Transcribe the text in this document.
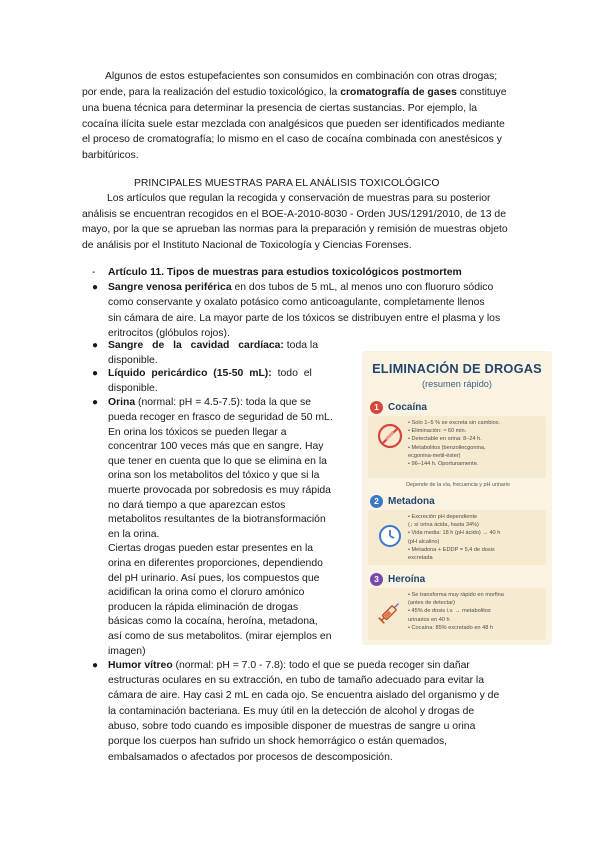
Algunos de estos estupefacientes son consumidos en combinación con otras drogas;
por ende, para la realización del estudio toxicológico, la cromatografía de gases constituye
una buena técnica para determinar la presencia de ciertas sustancias. Por ejemplo, la
cocaína ilícita suele estar mezclada con analgésicos que pueden ser identificados mediante
el proceso de cromatografía; lo mismo en el caso de cocaína combinada con anestésicos y
barbitúricos.
PRINCIPALES MUESTRAS PARA EL ANÁLISIS TOXICOLÓGICO
Los artículos que regulan la recogida y conservación de muestras para su posterior
análisis se encuentran recogidos en el BOE-A-2010-8030 - Orden JUS/1291/2010, de 13 de
mayo, por la que se aprueban las normas para la preparación y remisión de muestras objeto
de análisis por el Instituto Nacional de Toxicología y Ciencias Forenses.
- Artículo 11. Tipos de muestras para estudios toxicológicos postmortem
● Sangre venosa periférica en dos tubos de 5 mL, al menos uno con fluoruro sódico
como conservante y oxalato potásico como anticoagulante, completamente llenos
sin cámara de aire. La mayor parte de los tóxicos se distribuyen entre el plasma y los
eritrocitos (glóbulos rojos).
● Sangre de la cavidad cardíaca: toda la
disponible.
● Líquido pericárdico (15-50 mL): todo el
disponible.
● Orina (normal: pH = 4.5-7.5): toda la que se
pueda recoger en frasco de seguridad de 50 mL.
En orina los tóxicos se pueden llegar a
concentrar 100 veces más que en sangre. Hay
que tener en cuenta que lo que se elimina en la
orina son los metabolitos del tóxico y que si la
muerte provocada por sobredosis es muy rápida
no dará tiempo a que aparezcan estos
metabolitos resultantes de la biotransformación
en la orina.
Ciertas drogas pueden estar presentes en la
orina en diferentes proporciones, dependiendo
del pH urinario. Así pues, los compuestos que
acidifican la orina como el cloruro amónico
producen la rápida eliminación de drogas
básicas como la cocaína, heroína, metadona,
así como de sus metabolitos. (mirar ejemplos en
imagen)
● Humor vítreo (normal: pH = 7.0 - 7.8): todo el que se pueda recoger sin dañar
estructuras oculares en su extracción, en tubo de tamaño adecuado para evitar la
cámara de aire. Hay casi 2 mL en cada ojo. Se encuentra aislado del organismo y de
la contaminación bacteriana. Es muy útil en la detección de alcohol y drogas de
abuso, sobre todo cuando es imposible disponer de muestras de sangre u orina
porque los cuerpos han sufrido un shock hemorrágico o están quemados,
embalsamados o afectados por procesos de descomposición.
ELIMINACIÓN DE DROGAS
(resumen rápido)
1 Cocaína
• Solo 1–5 % se excreta sin cambios.
• Eliminación: ≈ 60 min.
• Detectable en orina: 8–24 h.
• Metabolitos (benzoilecgonina,
ecgonina-metil-éster)
• 96–144 h. Oportunamente.
Depende de la vía, frecuencia y pH urinario
2 Metadona
• Excreción pH dependiente
(↓ sí orina ácida, hasta 34%)
• Vida media: 18 h (pH ácido) → 40 h
(pH alcalino)
• Metadona + EDDP = 5,4 de dosis
excretada
3 Heroína
• Se transforma muy rápido en morfina
(antes de detectar)
• 45% de dosis i.v. → metabolitos
urinarios en 40 h
• Cocaína: 85% excretado en 48 h
